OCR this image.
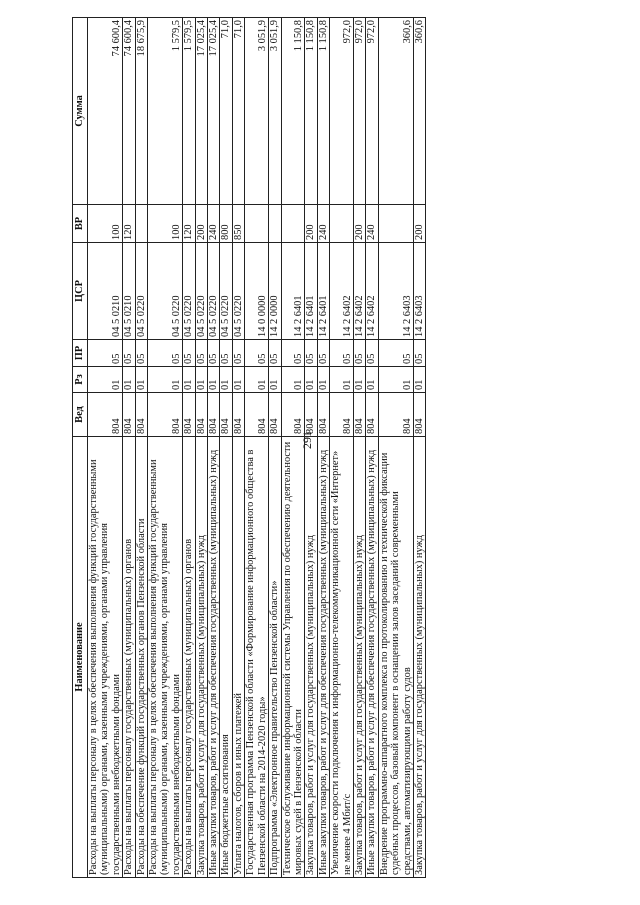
291
Наименование	Вед	Рз	ПР	ЦСР	ВР	Сумма
Расходы на выплаты персоналу в целях обеспечения выполнения функций государственными (муниципальными) органами, казенными учреждениями, органами управления государственными внебюджетными фондами	804	01	05	04 5 0210	100	74 600,4
Расходы на выплаты персоналу государственных (муниципальных) органов	804	01	05	04 5 0210	120	74 600,4
Расходы на обеспечение функций государственных органов Пензенской области	804	01	05	04 5 0220		18 675,9
Расходы на выплаты персоналу в целях обеспечения выполнения функций государственными (муниципальными) органами, казенными учреждениями, органами управления государственными внебюджетными фондами	804	01	05	04 5 0220	100	1 579,5
Расходы на выплаты персоналу государственных (муниципальных) органов	804	01	05	04 5 0220	120	1 579,5
Закупка товаров, работ и услуг для государственных (муниципальных) нужд	804	01	05	04 5 0220	200	17 025,4
Иные закупки товаров, работ и услуг для обеспечения государственных (муниципальных) нужд	804	01	05	04 5 0220	240	17 025,4
Иные бюджетные ассигнования	804	01	05	04 5 0220	800	71,0
Уплата налогов, сборов и иных платежей	804	01	05	04 5 0220	850	71,0
Государственная программа Пензенской области «Формирование информационного общества в Пензенской области на 2014-2020 годы»	804	01	05	14 0 0000		3 051,9
Подпрограмма «Электронное правительство Пензенской области»	804	01	05	14 2 0000		3 051,9
Техническое обслуживание информационной системы Управления по обеспечению деятельности мировых судей в Пензенской области	804	01	05	14 2 6401		1 150,8
Закупка товаров, работ и услуг для государственных (муниципальных) нужд	804	01	05	14 2 6401	200	1 150,8
Иные закупки товаров, работ и услуг для обеспечения государственных (муниципальных) нужд	804	01	05	14 2 6401	240	1 150,8
Увеличение скорости подключения к информационно-телекоммуникационной сети «Интернет» не менее 4 Мбит/с	804	01	05	14 2 6402		972,0
Закупка товаров, работ и услуг для государственных (муниципальных) нужд	804	01	05	14 2 6402	200	972,0
Иные закупки товаров, работ и услуг для обеспечения государственных (муниципальных) нужд	804	01	05	14 2 6402	240	972,0
Внедрение программно-аппаратного комплекса по протоколированию и технической фиксации судебных процессов, базовый компонент в оснащении залов заседаний современными средствами, автоматизирующими работу судов	804	01	05	14 2 6403		360,6
Закупка товаров, работ и услуг для государственных (муниципальных) нужд	804	01	05	14 2 6403	200	360,6
